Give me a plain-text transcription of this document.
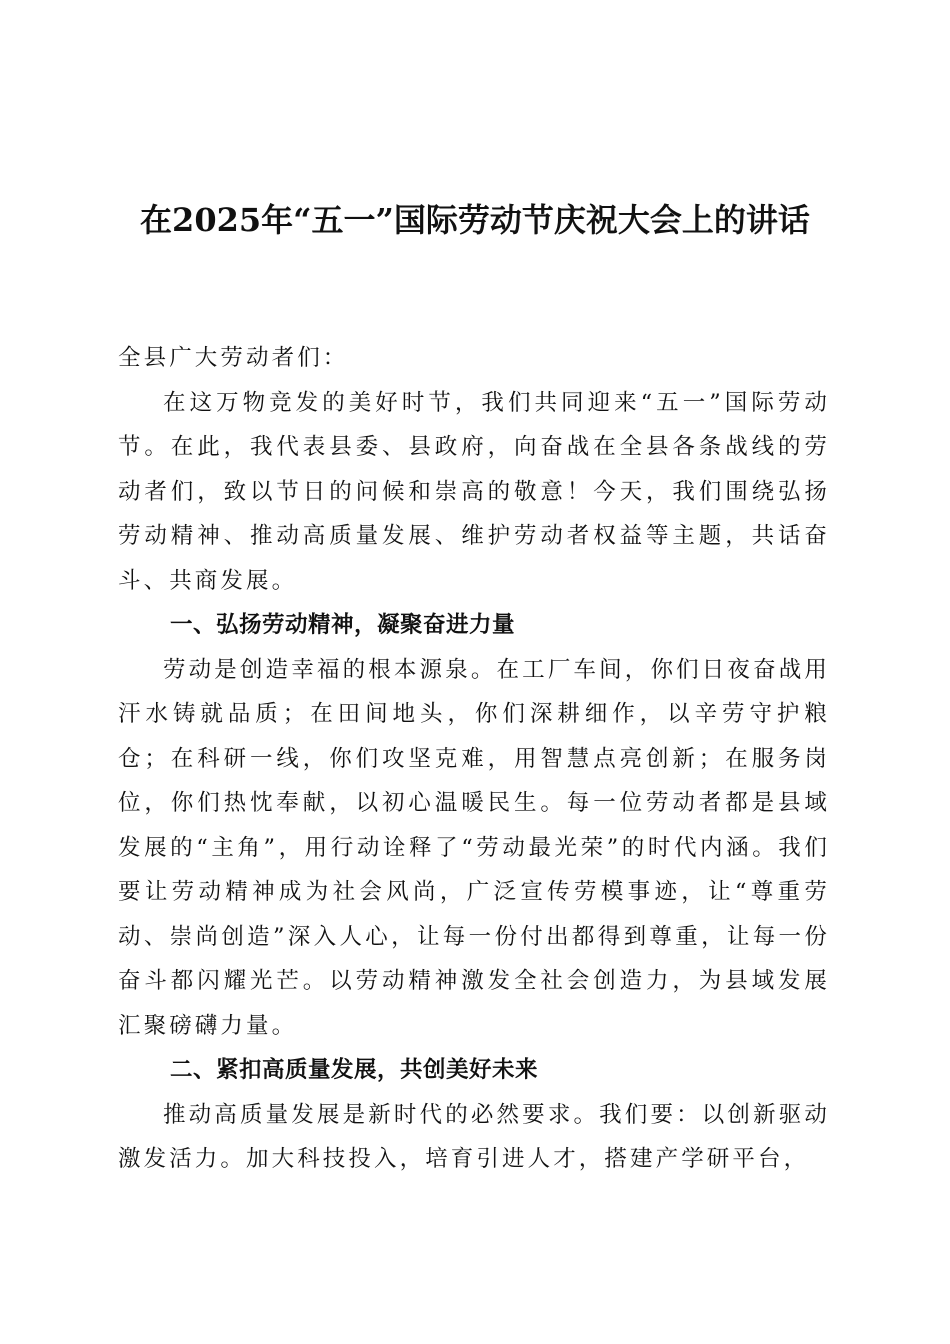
在2025年“五一”国际劳动节庆祝大会上的讲话

全县广大劳动者们：

在这万物竞发的美好时节，我们共同迎来“五一”国际劳动节。在此，我代表县委、县政府，向奋战在全县各条战线的劳动者们，致以节日的问候和崇高的敬意！今天，我们围绕弘扬劳动精神、推动高质量发展、维护劳动者权益等主题，共话奋斗、共商发展。

一、弘扬劳动精神，凝聚奋进力量

劳动是创造幸福的根本源泉。在工厂车间，你们日夜奋战用汗水铸就品质；在田间地头，你们深耕细作，以辛劳守护粮仓；在科研一线，你们攻坚克难，用智慧点亮创新；在服务岗位，你们热忱奉献，以初心温暖民生。每一位劳动者都是县域发展的“主角”，用行动诠释了“劳动最光荣”的时代内涵。我们要让劳动精神成为社会风尚，广泛宣传劳模事迹，让“尊重劳动、崇尚创造”深入人心，让每一份付出都得到尊重，让每一份奋斗都闪耀光芒。以劳动精神激发全社会创造力，为县域发展汇聚磅礴力量。

二、紧扣高质量发展，共创美好未来

推动高质量发展是新时代的必然要求。我们要：以创新驱动激发活力。加大科技投入，培育引进人才，搭建产学研平台，
